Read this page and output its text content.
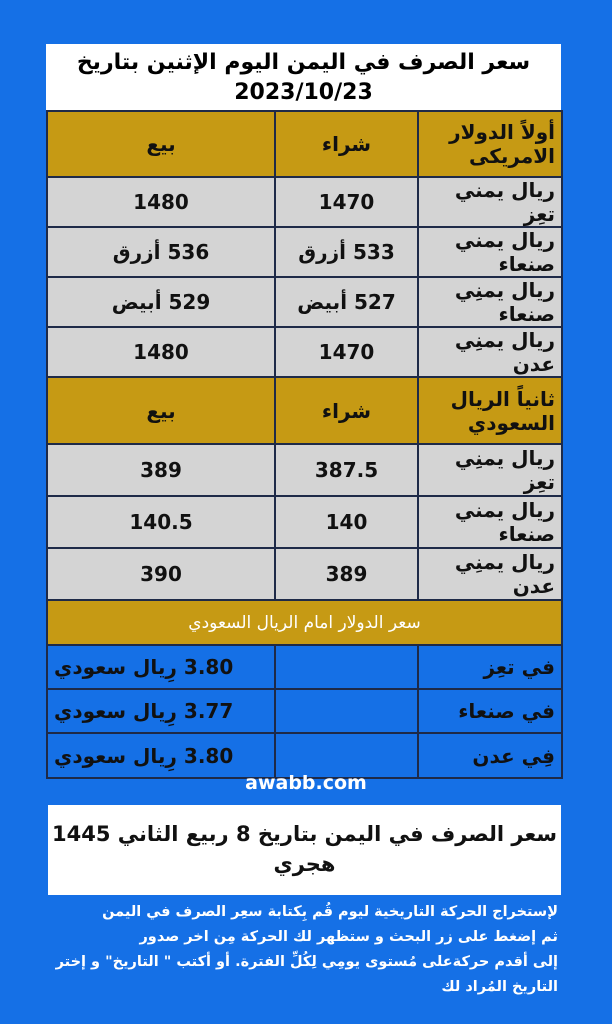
سعر الصرف في اليمن اليوم الإثنين بتاريخ
2023/10/23
أولاً الدولار الامريكى	شراء	بيع
ريال يمني تعِز	1470	1480
ريال يمني صنعاء	533 أزرق	536 أزرق
ريال يمنِي صنعاء	527 أبيض	529 أبيض
ريال يمنِي عدن	1470	1480
ثانياً الريال السعودي	شراء	بيع
ريال يمنِي تعِز	387.5	389
ريال يمني صنعاء	140	140.5
ريال يمنِي عدن	389	390
سعر الدولار امام الريال السعودي		
في تعِز		3.80 رِيال سعودي
في صنعاء		3.77 رِيال سعودي
فِي عدن		3.80 رِيال سعودي
awabb.com
سعر الصرف في اليمن بتاريخ 8 ربيع الثاني 1445
هجري
لإستخراج الحركة التاريخية ليوم قُم بِكتابة سعِر الصرف في اليمن
ثم إضغط على زر البحث و ستظهر لك الحركة مِن اخر صدور
إلى أقدم حركةعلى مُستوى يومِي لِكُلِّ الفترة. أو أكتب " التاريخ" و إختر
التاريخ المُراد لك
